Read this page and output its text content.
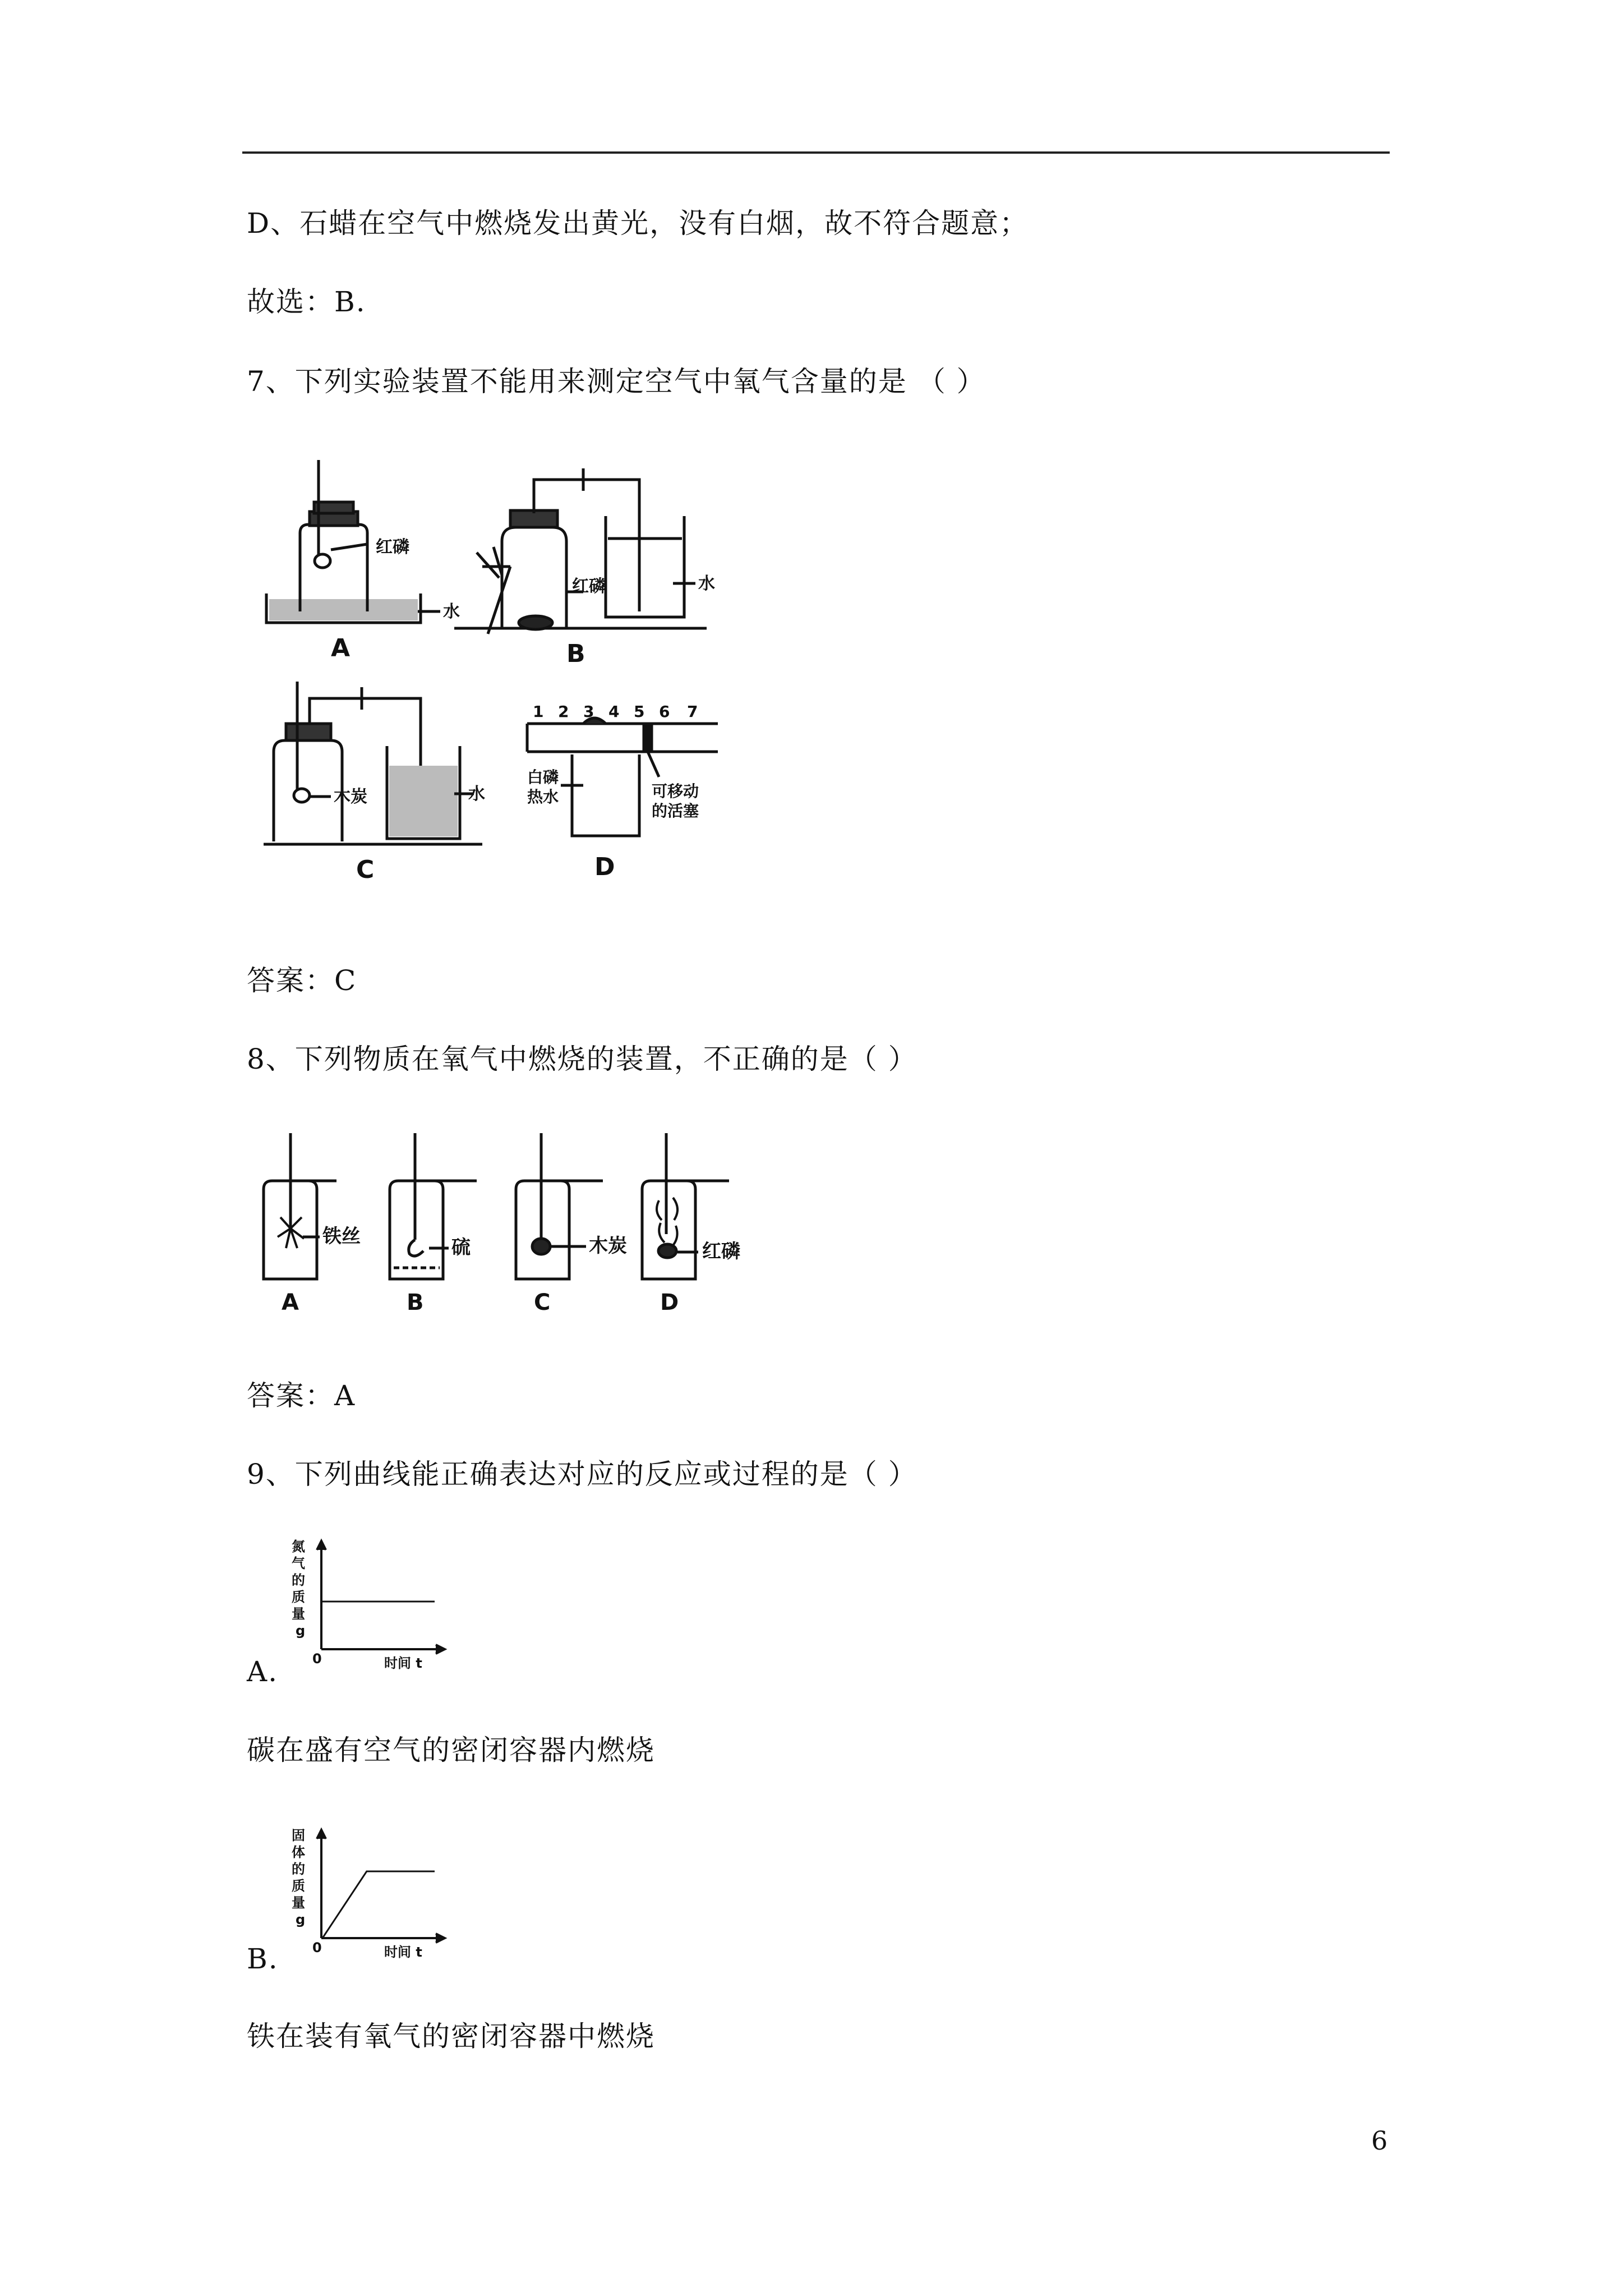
D、石蜡在空气中燃烧发出黄光，没有白烟，故不符合题意；
故选：B.
7、下列实验装置不能用来测定空气中氧气含量的是 （ ）
红磷
水
A
红磷	水
B
木炭	水
C
1 2 3 4 5 6 7
白磷
热水	可移动
的活塞
D
答案：C
8、下列物质在氧气中燃烧的装置，不正确的是（ ）
铁丝
A
硫
B
木炭
C
红磷
D
答案：A
9、下列曲线能正确表达对应的反应或过程的是（ ）
A.
氮
气
的
质
量
g
0	时间 t
碳在盛有空气的密闭容器内燃烧
B.
固
体
的
质
量
g
0	时间 t
铁在装有氧气的密闭容器中燃烧
6
